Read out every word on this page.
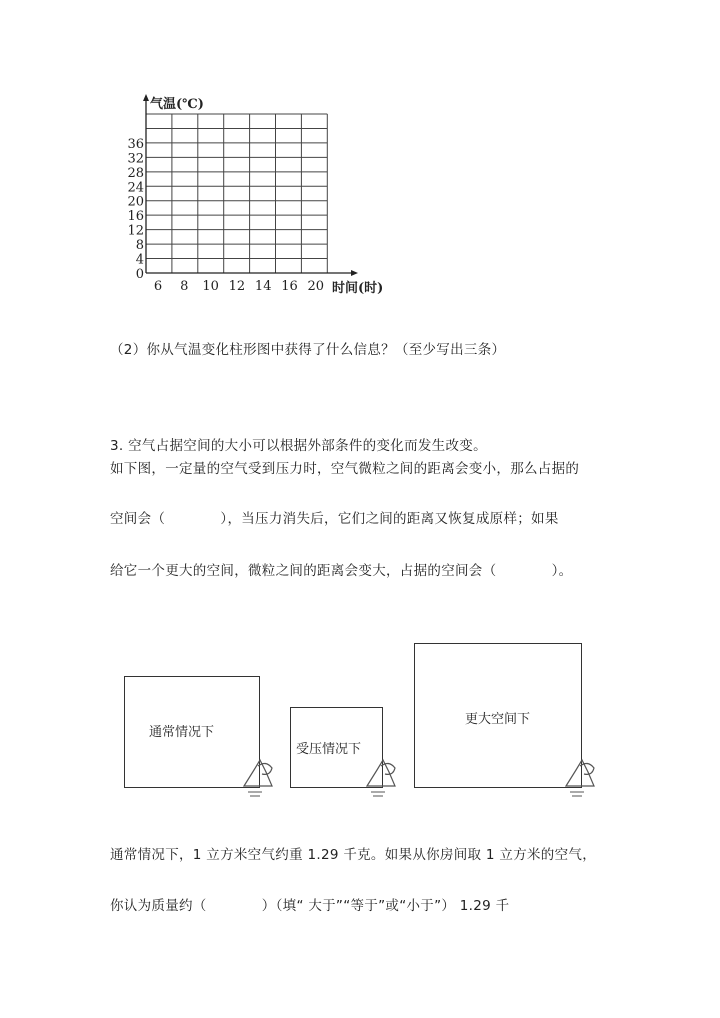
0
4
8
12
16
20
24
28
32
36
6 8 10 12 14 16 20
气温(℃)
时间(时)
（2）你从气温变化柱形图中获得了什么信息？（至少写出三条）
3. 空气占据空间的大小可以根据外部条件的变化而发生改变。
如下图，一定量的空气受到压力时，空气微粒之间的距离会变小，那么占据的
空间会（　　　　），当压力消失后，它们之间的距离又恢复成原样；如果
给它一个更大的空间，微粒之间的距离会变大，占据的空间会（　　　　）。
通常情况下
受压情况下
更大空间下
通常情况下，1 立方米空气约重 1.29 千克。如果从你房间取 1 立方米的空气，
你认为质量约（　　　　）（填“ 大于”“等于”或“小于”） 1.29 千
